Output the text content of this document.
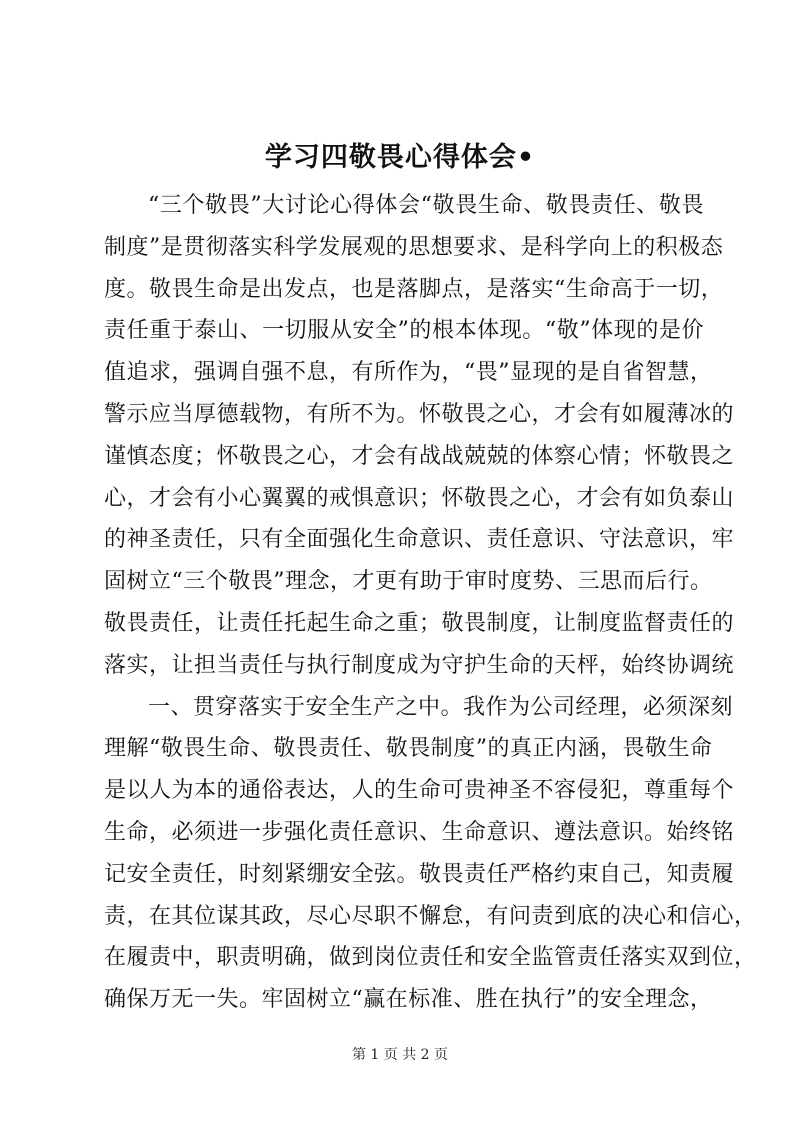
学习四敬畏心得体会•
“三个敬畏”大讨论心得体会“敬畏生命、敬畏责任、敬畏
制度”是贯彻落实科学发展观的思想要求、是科学向上的积极态
度。敬畏生命是出发点，也是落脚点，是落实“生命高于一切，
责任重于泰山、一切服从安全”的根本体现。“敬”体现的是价
值追求，强调自强不息，有所作为，“畏”显现的是自省智慧，
警示应当厚德载物，有所不为。怀敬畏之心，才会有如履薄冰的
谨慎态度；怀敬畏之心，才会有战战兢兢的体察心情；怀敬畏之
心，才会有小心翼翼的戒惧意识；怀敬畏之心，才会有如负泰山
的神圣责任，只有全面强化生命意识、责任意识、守法意识，牢
固树立“三个敬畏”理念，才更有助于审时度势、三思而后行。
敬畏责任，让责任托起生命之重；敬畏制度，让制度监督责任的
落实，让担当责任与执行制度成为守护生命的天枰，始终协调统
一、贯穿落实于安全生产之中。我作为公司经理，必须深刻
理解“敬畏生命、敬畏责任、敬畏制度”的真正内涵，畏敬生命
是以人为本的通俗表达，人的生命可贵神圣不容侵犯，尊重每个
生命，必须进一步强化责任意识、生命意识、遵法意识。始终铭
记安全责任，时刻紧绷安全弦。敬畏责任严格约束自己，知责履
责，在其位谋其政，尽心尽职不懈怠，有问责到底的决心和信心，
在履责中，职责明确，做到岗位责任和安全监管责任落实双到位，
确保万无一失。牢固树立“赢在标准、胜在执行”的安全理念，
第 1 页 共 2 页
